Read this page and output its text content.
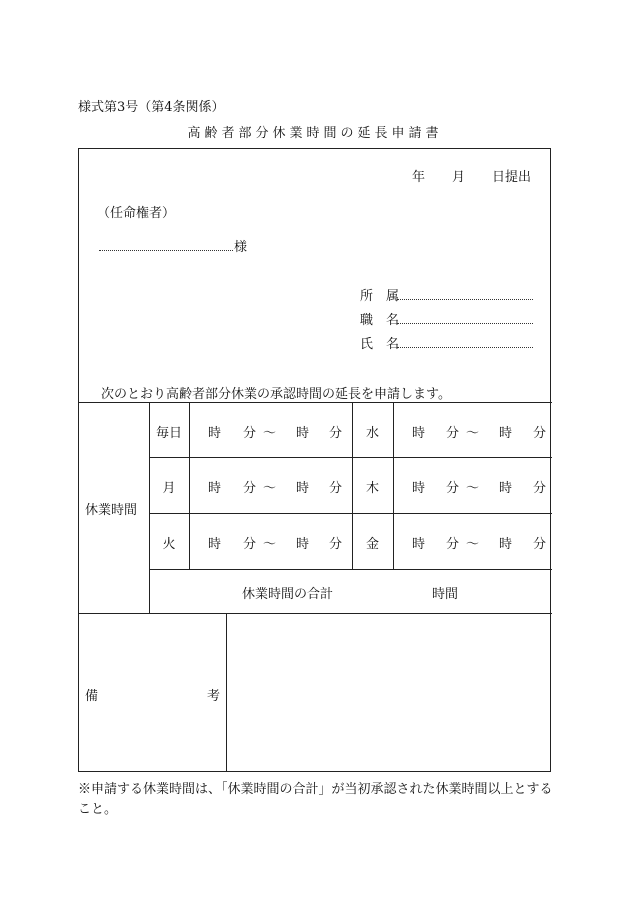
様式第3号（第4条関係）
高齢者部分休業時間の延長申請書
年 月 日提出
（任命権者）
様
所　属
職　名
氏　名
次のとおり高齢者部分休業の承認時間の延長を申請します。
休業時間
毎日	時 分 〜 時 分	水	時 分 〜 時 分
月	時 分 〜 時 分	木	時 分 〜 時 分
火	時 分 〜 時 分	金	時 分 〜 時 分
休業時間の合計	時間
備	考
※申請する休業時間は、「休業時間の合計」が当初承認された休業時間以上とすること。
